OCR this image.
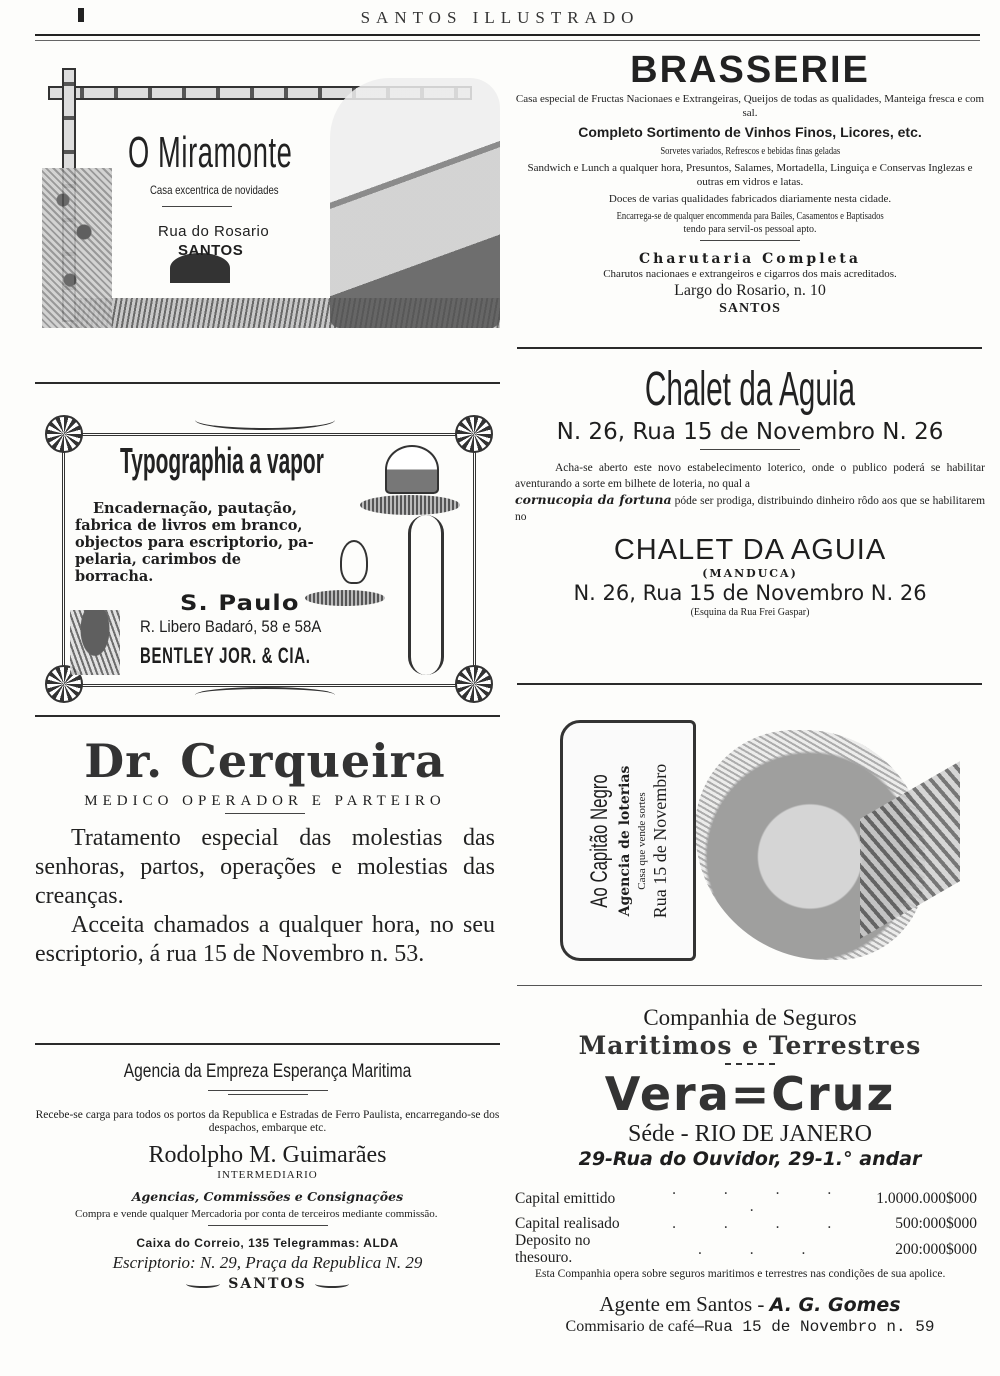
SANTOS ILLUSTRADO
O Miramonte
Casa excentrica de novidades
Rua do Rosario
SANTOS
BRASSERIE
Casa especial de Fructas Nacionaes e Extrangeiras, Queijos de todas as qualidades, Manteiga fresca e com sal.
Completo Sortimento de Vinhos Finos, Licores, etc.
Sorvetes variados, Refrescos e bebidas finas geladas
Sandwich e Lunch a qualquer hora, Presuntos, Salames, Mortadella, Linguiça e Conservas Inglezas e outras em vidros e latas.
Doces de varias qualidades fabricados diariamente nesta cidade.
Encarrega-se de qualquer encommenda para Bailes, Casamentos e Baptisados
tendo para servil-os pessoal apto.
Charutaria Completa
Charutos nacionaes e extrangeiros e cigarros dos mais acreditados.
Largo do Rosario, n. 10
SANTOS
Typographia a vapor
Encadernação, pautação,
fabrica de livros em branco,
objectos para escriptorio, pa-
pelaria, carimbos de
borracha.
S. Paulo
R. Libero Badaró, 58 e 58A
BENTLEY JOR. & CIA.
Chalet da Aguia
N. 26, Rua 15 de Novembro N. 26
Acha-se aberto este novo estabelecimento loterico, onde o publico poderá se habilitar aventurando a sorte em bilhete de loteria, no qual a
cornucopia da fortuna póde ser prodiga, distribuindo dinheiro rôdo aos que se habilitarem no
CHALET DA AGUIA
(MANDUCA)
N. 26, Rua 15 de Novembro N. 26
(Esquina da Rua Frei Gaspar)
Dr. Cerqueira
MEDICO OPERADOR E PARTEIRO

Tratamento especial das molestias das senhoras, partos, operações e molestias das creanças.

Acceita chamados a qualquer hora, no seu escriptorio, á rua 15 de Novembro n. 53.

Ao Capitão Negro Agencia de loterias Casa que vende sortes Rua 15 de Novembro
Agencia da Empreza Esperança Maritima
Recebe-se carga para todos os portos da Republica e Estradas de Ferro Paulista, encarregando-se dos despachos, embarque etc.
Rodolpho M. Guimarães
INTERMEDIARIO
Agencias, Commissões e Consignações
Compra e vende qualquer Mercadoria por conta de terceiros mediante commissão.
Caixa do Correio, 135 Telegrammas: ALDA
Escriptorio: N. 29, Praça da Republica N. 29
SANTOS
Companhia de Seguros
Maritimos e Terrestres
Vera=Cruz
Séde - RIO DE JANERO
29-Rua do Ouvidor, 29-1.° andar
Capital emittido	. . . . .	1.0000.000$000
Capital realisado	. . . .	500:000$000
Deposito no thesouro.	. . .	200:000$000
Esta Companhia opera sobre seguros maritimos e terrestres nas condições de sua apolice.
Agente em Santos - A. G. Gomes
Commisario de café—Rua 15 de Novembro n. 59
